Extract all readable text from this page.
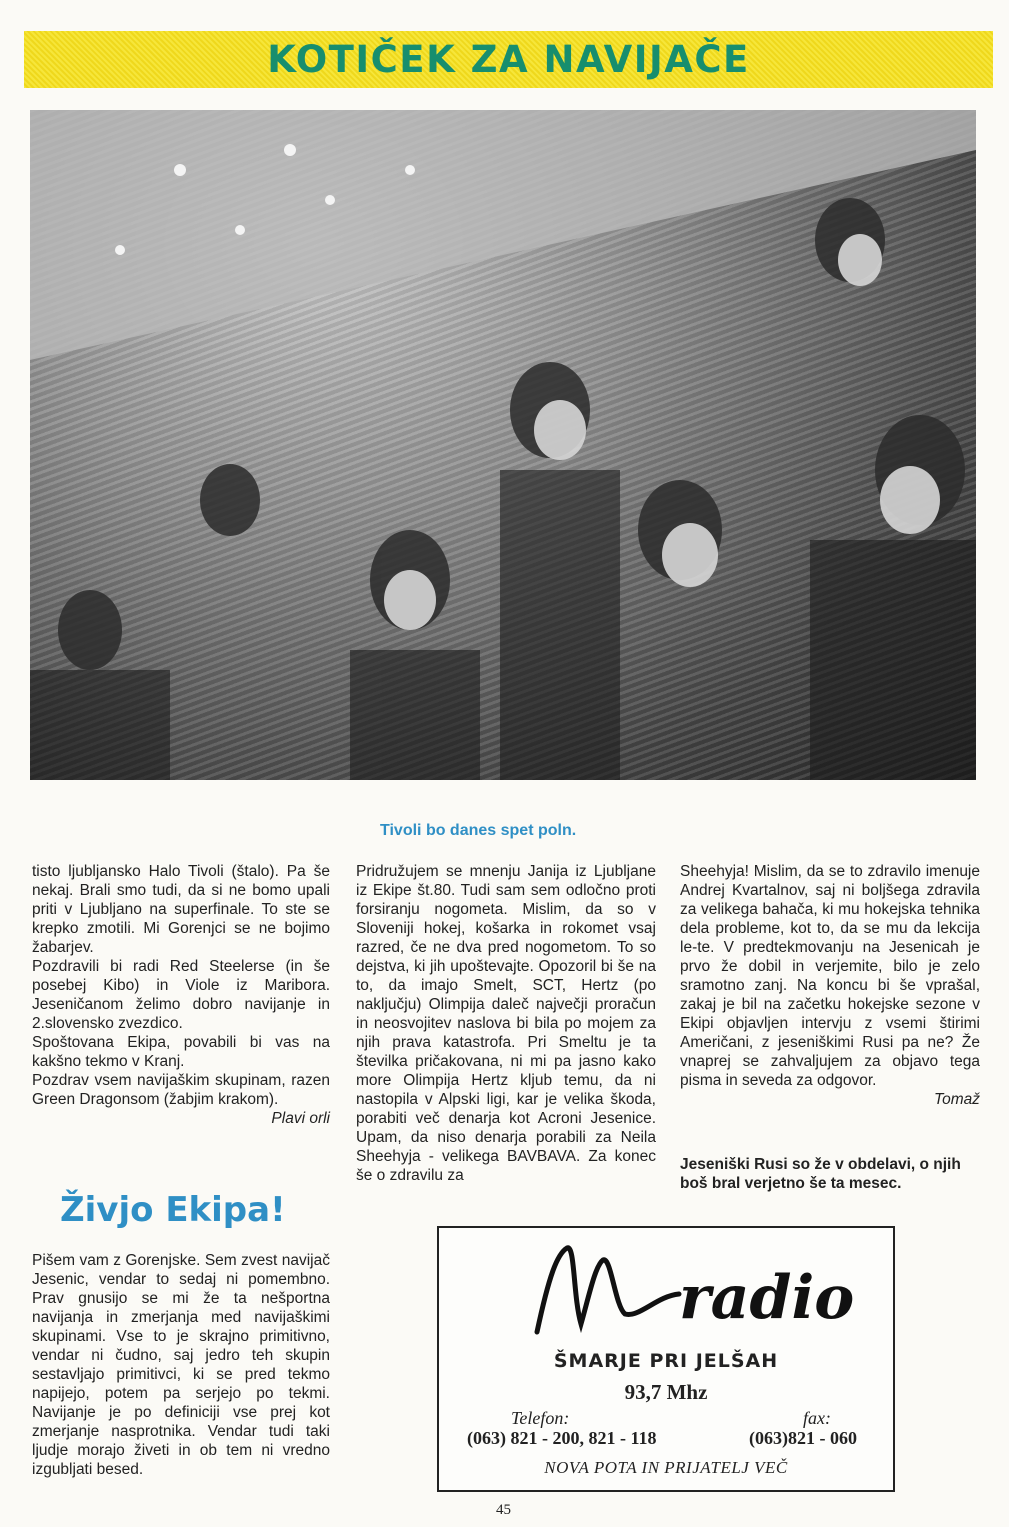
KOTIČEK ZA NAVIJAČE
Tivoli bo danes spet poln.

tisto ljubljansko Halo Tivoli (štalo). Pa še nekaj. Brali smo tudi, da si ne bomo upali priti v Ljubljano na superfinale. To ste se krepko zmotili. Mi Gorenjci se ne bojimo žabarjev.

Pozdravili bi radi Red Steelerse (in še posebej Kibo) in Viole iz Maribora. Jeseničanom želimo dobro navijanje in 2.slovensko zvezdico.

Spoštovana Ekipa, povabili bi vas na kakšno tekmo v Kranj.

Pozdrav vsem navijaškim skupinam, razen Green Dragonsom (žabjim krakom).

Plavi orli

Živjo Ekipa!
Pišem vam z Gorenjske. Sem zvest navijač Jesenic, vendar to sedaj ni pomembno. Prav gnusijo se mi že ta nešportna navijanja in zmerjanja med navijaškimi skupinami. Vse to je skrajno primitivno, vendar ni čudno, saj jedro teh skupin sestavljajo primitivci, ki se pred tekmo napijejo, potem pa serjejo po tekmi. Navijanje je po definiciji vse prej kot zmerjanje nasprotnika. Vendar tudi taki ljudje morajo živeti in ob tem ni vredno izgubljati besed.

Pridružujem se mnenju Janija iz Ljubljane iz Ekipe št.80. Tudi sam sem odločno proti forsiranju nogometa. Mislim, da so v Sloveniji hokej, košarka in rokomet vsaj razred, če ne dva pred nogometom. To so dejstva, ki jih upoštevajte. Opozoril bi še na to, da imajo Smelt, SCT, Hertz (po naključju) Olimpija daleč največji proračun in neosvojitev naslova bi bila po mojem za njih prava katastrofa. Pri Smeltu je ta številka pričakovana, ni mi pa jasno kako more Olimpija Hertz kljub temu, da ni nastopila v Alpski ligi, kar je velika škoda, porabiti več denarja kot Acroni Jesenice. Upam, da niso denarja porabili za Neila Sheehyja - velikega BAVBAVA. Za konec še o zdravilu za

Sheehyja! Mislim, da se to zdravilo imenuje Andrej Kvartalnov, saj ni boljšega zdravila za velikega bahača, ki mu hokejska tehnika dela probleme, kot to, da se mu da lekcija le-te. V predtekmovanju na Jesenicah je prvo že dobil in verjemite, bilo je zelo sramotno zanj. Na koncu bi še vprašal, zakaj je bil na začetku hokejske sezone v Ekipi objavljen intervju z vsemi štirimi Američani, z jeseniškimi Rusi pa ne? Že vnaprej se zahvaljujem za objavo tega pisma in seveda za odgovor.

Tomaž

Jeseniški Rusi so že v obdelavi, o njih boš bral verjetno še ta mesec.
radio
ŠMARJE PRI JELŠAH
93,7 Mhz
Telefon:	fax:
(063) 821 - 200, 821 - 118	(063)821 - 060
NOVA POTA IN PRIJATELJ VEČ
45
